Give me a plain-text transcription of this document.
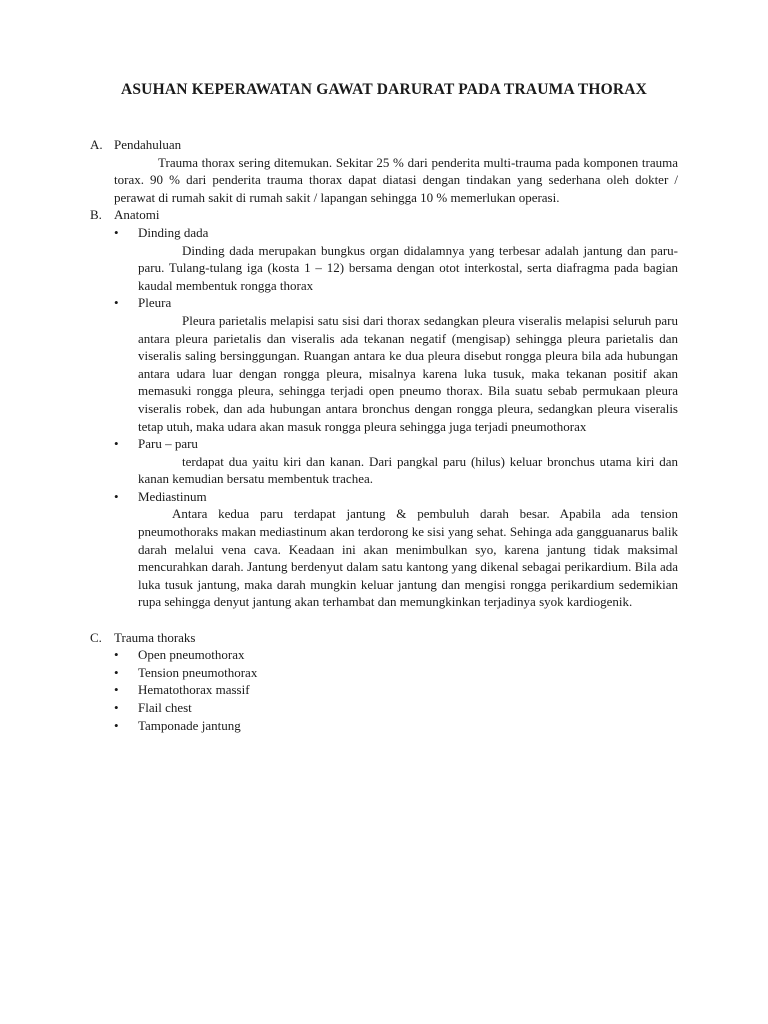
ASUHAN KEPERAWATAN GAWAT DARURAT PADA TRAUMA THORAX
A. Pendahuluan
Trauma thorax sering ditemukan. Sekitar 25 % dari penderita multi-trauma pada komponen trauma torax. 90 % dari penderita trauma thorax dapat diatasi dengan tindakan yang sederhana oleh dokter / perawat di rumah sakit di rumah sakit / lapangan sehingga 10 % memerlukan operasi.
B. Anatomi
• Dinding dada
Dinding dada merupakan bungkus organ didalamnya yang terbesar adalah jantung dan paru-paru. Tulang-tulang iga (kosta 1 – 12) bersama dengan otot interkostal, serta diafragma pada bagian kaudal membentuk rongga thorax
• Pleura
Pleura parietalis melapisi satu sisi dari thorax sedangkan pleura viseralis melapisi seluruh paru antara pleura parietalis dan viseralis ada tekanan negatif (mengisap) sehingga pleura parietalis dan viseralis saling bersinggungan. Ruangan antara ke dua pleura disebut rongga pleura bila ada hubungan antara udara luar dengan rongga pleura, misalnya karena luka tusuk, maka tekanan positif akan memasuki rongga pleura, sehingga terjadi open pneumo thorax. Bila suatu sebab permukaan pleura viseralis robek, dan ada hubungan antara bronchus dengan rongga pleura, sedangkan pleura viseralis tetap utuh, maka udara akan masuk rongga pleura sehingga juga terjadi pneumothorax
• Paru – paru
terdapat dua yaitu kiri dan kanan. Dari pangkal paru (hilus) keluar bronchus utama kiri dan kanan kemudian bersatu membentuk trachea.
• Mediastinum
Antara kedua paru terdapat jantung & pembuluh darah besar. Apabila ada tension pneumothoraks makan mediastinum akan terdorong ke sisi yang sehat. Sehinga ada gangguanarus balik darah melalui vena cava. Keadaan ini akan menimbulkan syo, karena jantung tidak maksimal mencurahkan darah. Jantung berdenyut dalam satu kantong yang dikenal sebagai perikardium. Bila ada luka tusuk jantung, maka darah mungkin keluar jantung dan mengisi rongga perikardium sedemikian rupa sehingga denyut jantung akan terhambat dan memungkinkan terjadinya syok kardiogenik.
C. Trauma thoraks
• Open pneumothorax
• Tension pneumothorax
• Hematothorax massif
• Flail chest
• Tamponade jantung
